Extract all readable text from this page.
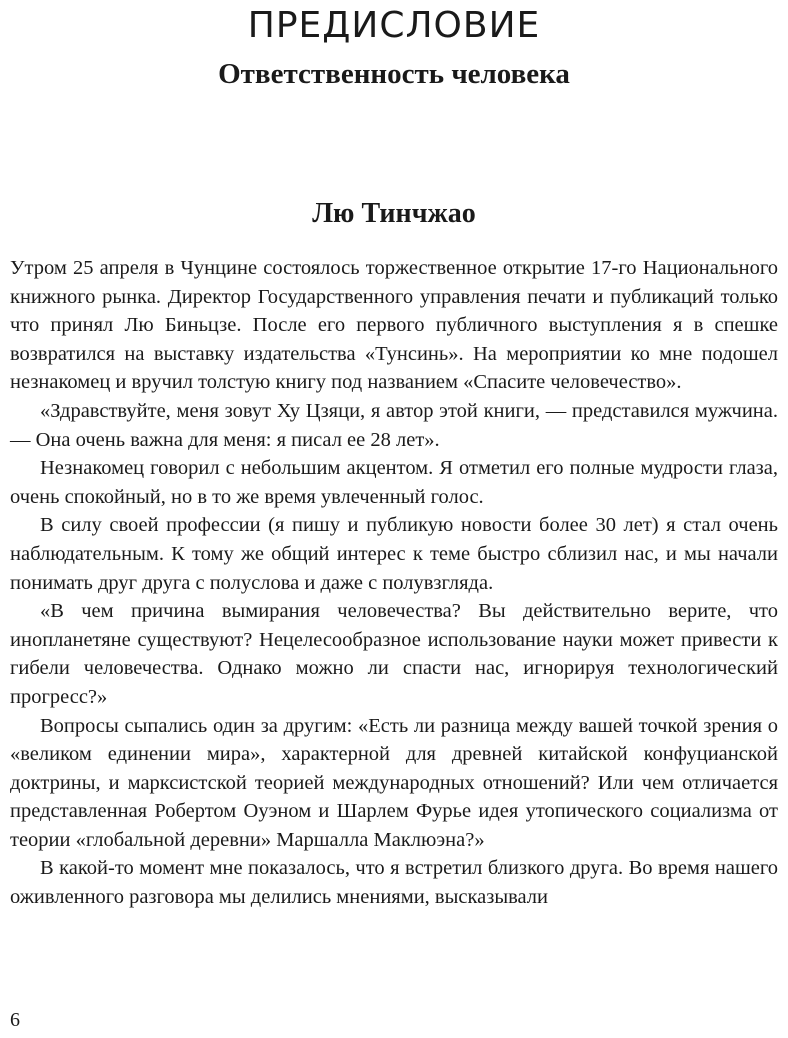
ПРЕДИСЛОВИЕ
Ответственность человека
Лю Тинчжао

Утром 25 апреля в Чунцине состоялось торжественное открытие 17-го Национального книжного рынка. Директор Государственного управления печати и публикаций только что принял Лю Биньцзе. После его первого публичного выступления я в спешке возвратился на выставку издательства «Тунсинь». На мероприятии ко мне подошел незнакомец и вручил толстую книгу под названием «Спасите человечество».

«Здравствуйте, меня зовут Ху Цзяци, я автор этой книги, — представился мужчина. — Она очень важна для меня: я писал ее 28 лет».

Незнакомец говорил с небольшим акцентом. Я отметил его полные мудрости глаза, очень спокойный, но в то же время увлеченный голос.

В силу своей профессии (я пишу и публикую новости более 30 лет) я стал очень наблюдательным. К тому же общий интерес к теме быстро сблизил нас, и мы начали понимать друг друга с полуслова и даже с полувзгляда.

«В чем причина вымирания человечества? Вы действительно верите, что инопланетяне существуют? Нецелесообразное использование науки может привести к гибели человечества. Однако можно ли спасти нас, игнорируя технологический прогресс?»

Вопросы сыпались один за другим: «Есть ли разница между вашей точкой зрения о «великом единении мира», характерной для древней китайской конфуцианской доктрины, и марксистской теорией международных отношений? Или чем отличается представленная Робертом Оуэном и Шарлем Фурье идея утопического социализма от теории «глобальной деревни» Маршалла Маклюэна?»

В какой-то момент мне показалось, что я встретил близкого друга. Во время нашего оживленного разговора мы делились мнениями, высказывали

6
